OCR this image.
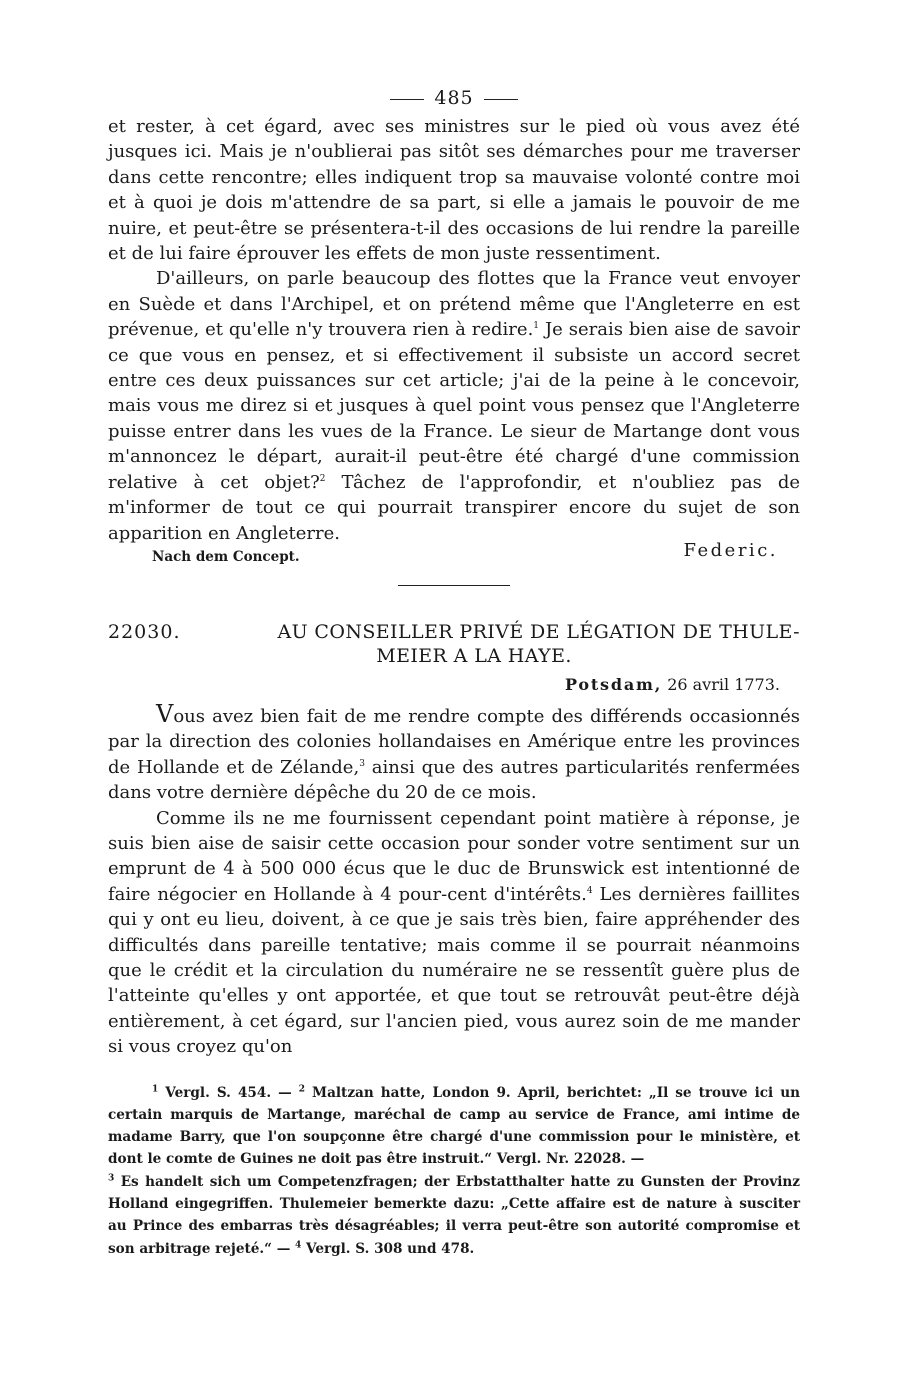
485

et rester, à cet égard, avec ses ministres sur le pied où vous avez été jusques ici. Mais je n'oublierai pas sitôt ses démarches pour me traverser dans cette rencontre; elles indiquent trop sa mauvaise volonté contre moi et à quoi je dois m'attendre de sa part, si elle a jamais le pouvoir de me nuire, et peut-être se présentera-t-il des occasions de lui rendre la pareille et de lui faire éprouver les effets de mon juste ressentiment.

D'ailleurs, on parle beaucoup des flottes que la France veut envoyer en Suède et dans l'Archipel, et on prétend même que l'Angleterre en est prévenue, et qu'elle n'y trouvera rien à redire.$^1$ Je serais bien aise de savoir ce que vous en pensez, et si effectivement il subsiste un accord secret entre ces deux puissances sur cet article; j'ai de la peine à le concevoir, mais vous me direz si et jusques à quel point vous pensez que l'Angleterre puisse entrer dans les vues de la France. Le sieur de Martange dont vous m'annoncez le départ, aurait-il peut-être été chargé d'une commission relative à cet objet?$^2$ Tâchez de l'approfondir, et n'oubliez pas de m'informer de tout ce qui pourrait transpirer encore du sujet de son apparition en Angleterre.

Federic.
Nach dem Concept.
22030.	AU CONSEILLER PRIVÉ DE LÉGATION DE THULE-
MEIER A LA HAYE.
Potsdam, 26 avril 1773.

Vous avez bien fait de me rendre compte des différends occasionnés par la direction des colonies hollandaises en Amérique entre les provinces de Hollande et de Zélande,$^3$ ainsi que des autres particularités renfermées dans votre dernière dépêche du 20 de ce mois.

Comme ils ne me fournissent cependant point matière à réponse, je suis bien aise de saisir cette occasion pour sonder votre sentiment sur un emprunt de 4 à 500 000 écus que le duc de Brunswick est intentionné de faire négocier en Hollande à 4 pour-cent d'intérêts.$^4$ Les dernières faillites qui y ont eu lieu, doivent, à ce que je sais très bien, faire appréhender des difficultés dans pareille tentative; mais comme il se pourrait néanmoins que le crédit et la circulation du numéraire ne se ressentît guère plus de l'atteinte qu'elles y ont apportée, et que tout se retrouvât peut-être déjà entièrement, à cet égard, sur l'ancien pied, vous aurez soin de me mander si vous croyez qu'on

$^1$ Vergl. S. 454. — $^2$ Maltzan hatte, London 9. April, berichtet: „Il se trouve ici un certain marquis de Martange, maréchal de camp au service de France, ami intime de madame Barry, que l'on soupçonne être chargé d'une commission pour le ministère, et dont le comte de Guines ne doit pas être instruit.“ Vergl. Nr. 22028. —

$^3$ Es handelt sich um Competenzfragen; der Erbstatthalter hatte zu Gunsten der Provinz Holland eingegriffen. Thulemeier bemerkte dazu: „Cette affaire est de nature à susciter au Prince des embarras très désagréables; il verra peut-être son autorité compromise et son arbitrage rejeté.“ — $^4$ Vergl. S. 308 und 478.
